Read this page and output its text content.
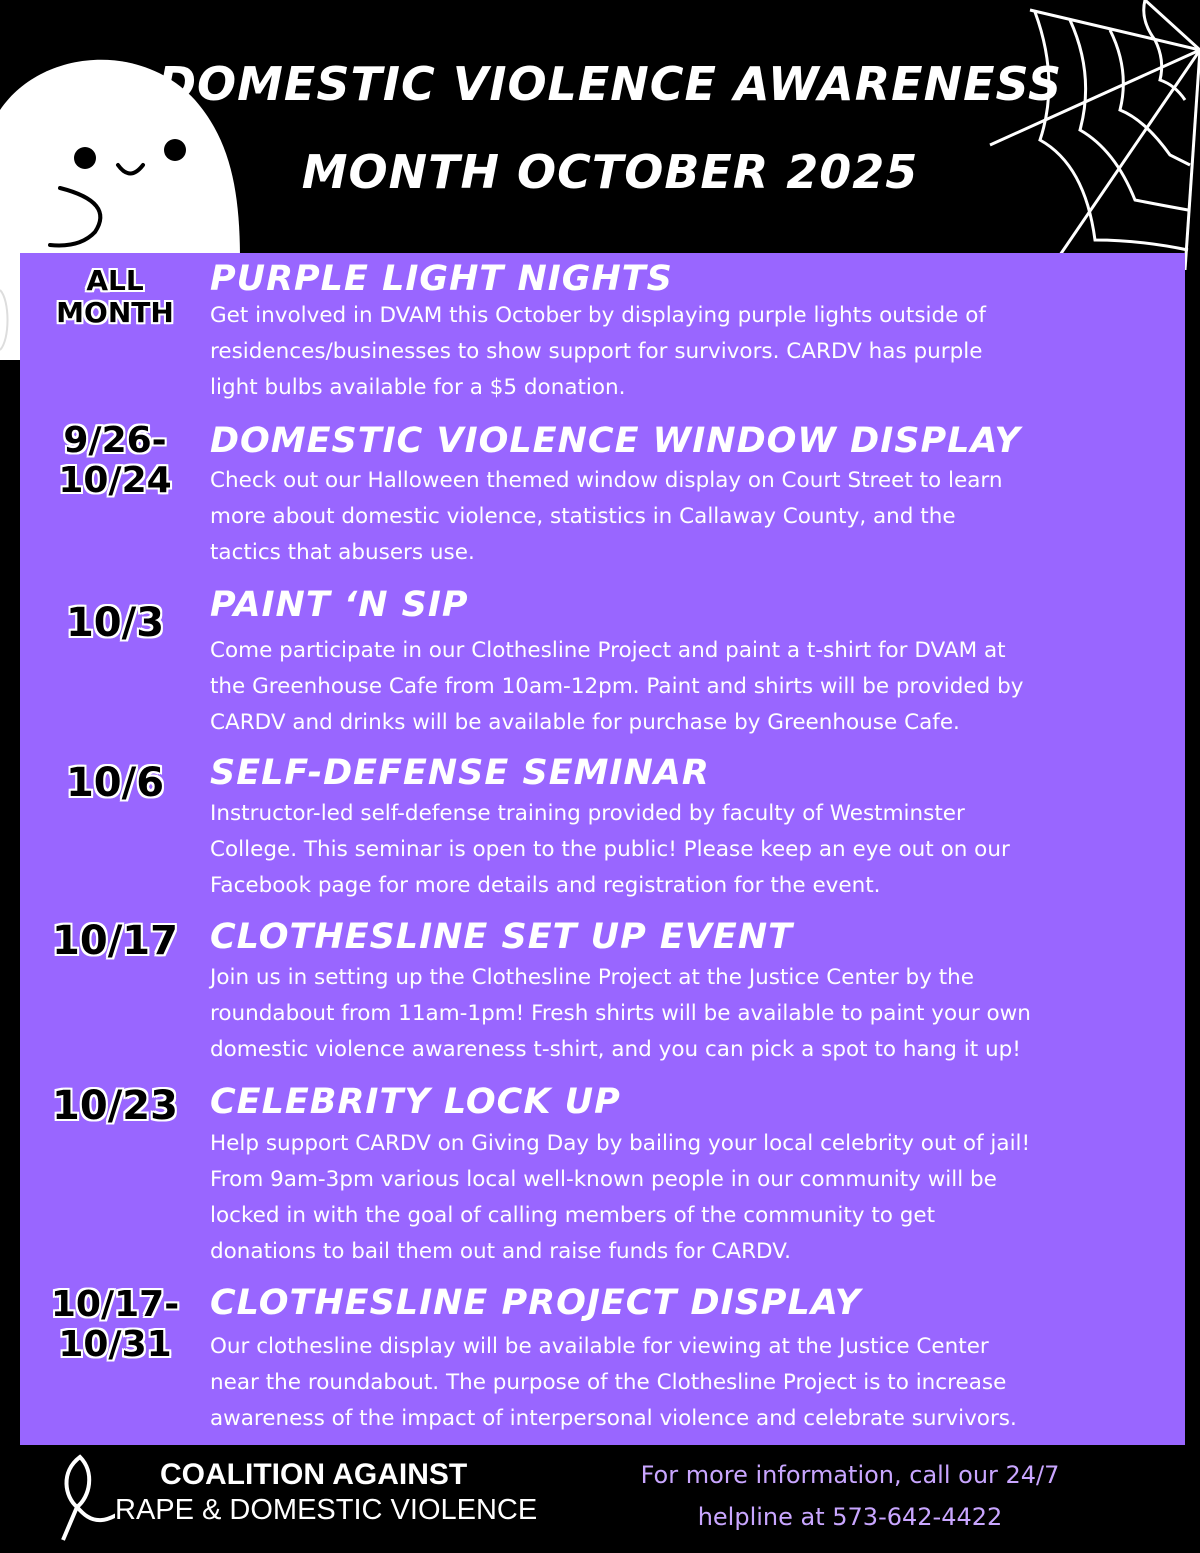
DOMESTIC VIOLENCE AWARENESS
MONTH OCTOBER 2025
ALL
MONTH
PURPLE LIGHT NIGHTS
Get involved in DVAM this October by displaying purple lights outside of
residences/businesses to show support for survivors. CARDV has purple
light bulbs available for a $5 donation.
9/26-
10/24
DOMESTIC VIOLENCE WINDOW DISPLAY
Check out our Halloween themed window display on Court Street to learn
more about domestic violence, statistics in Callaway County, and the
tactics that abusers use.
10/3	PAINT ‘N SIP
Come participate in our Clothesline Project and paint a t-shirt for DVAM at
the Greenhouse Cafe from 10am-12pm. Paint and shirts will be provided by
CARDV and drinks will be available for purchase by Greenhouse Cafe.
10/6	SELF-DEFENSE SEMINAR
Instructor-led self-defense training provided by faculty of Westminster
College. This seminar is open to the public! Please keep an eye out on our
Facebook page for more details and registration for the event.
10/17 CLOTHESLINE SET UP EVENT
Join us in setting up the Clothesline Project at the Justice Center by the
roundabout from 11am-1pm! Fresh shirts will be available to paint your own
domestic violence awareness t-shirt, and you can pick a spot to hang it up!
10/23 CELEBRITY LOCK UP
Help support CARDV on Giving Day by bailing your local celebrity out of jail!
From 9am-3pm various local well-known people in our community will be
locked in with the goal of calling members of the community to get
donations to bail them out and raise funds for CARDV.
10/17-
10/31
CLOTHESLINE PROJECT DISPLAY
Our clothesline display will be available for viewing at the Justice Center
near the roundabout. The purpose of the Clothesline Project is to increase
awareness of the impact of interpersonal violence and celebrate survivors.
COALITION AGAINST
RAPE & DOMESTIC VIOLENCE
For more information, call our 24/7
helpline at 573-642-4422
